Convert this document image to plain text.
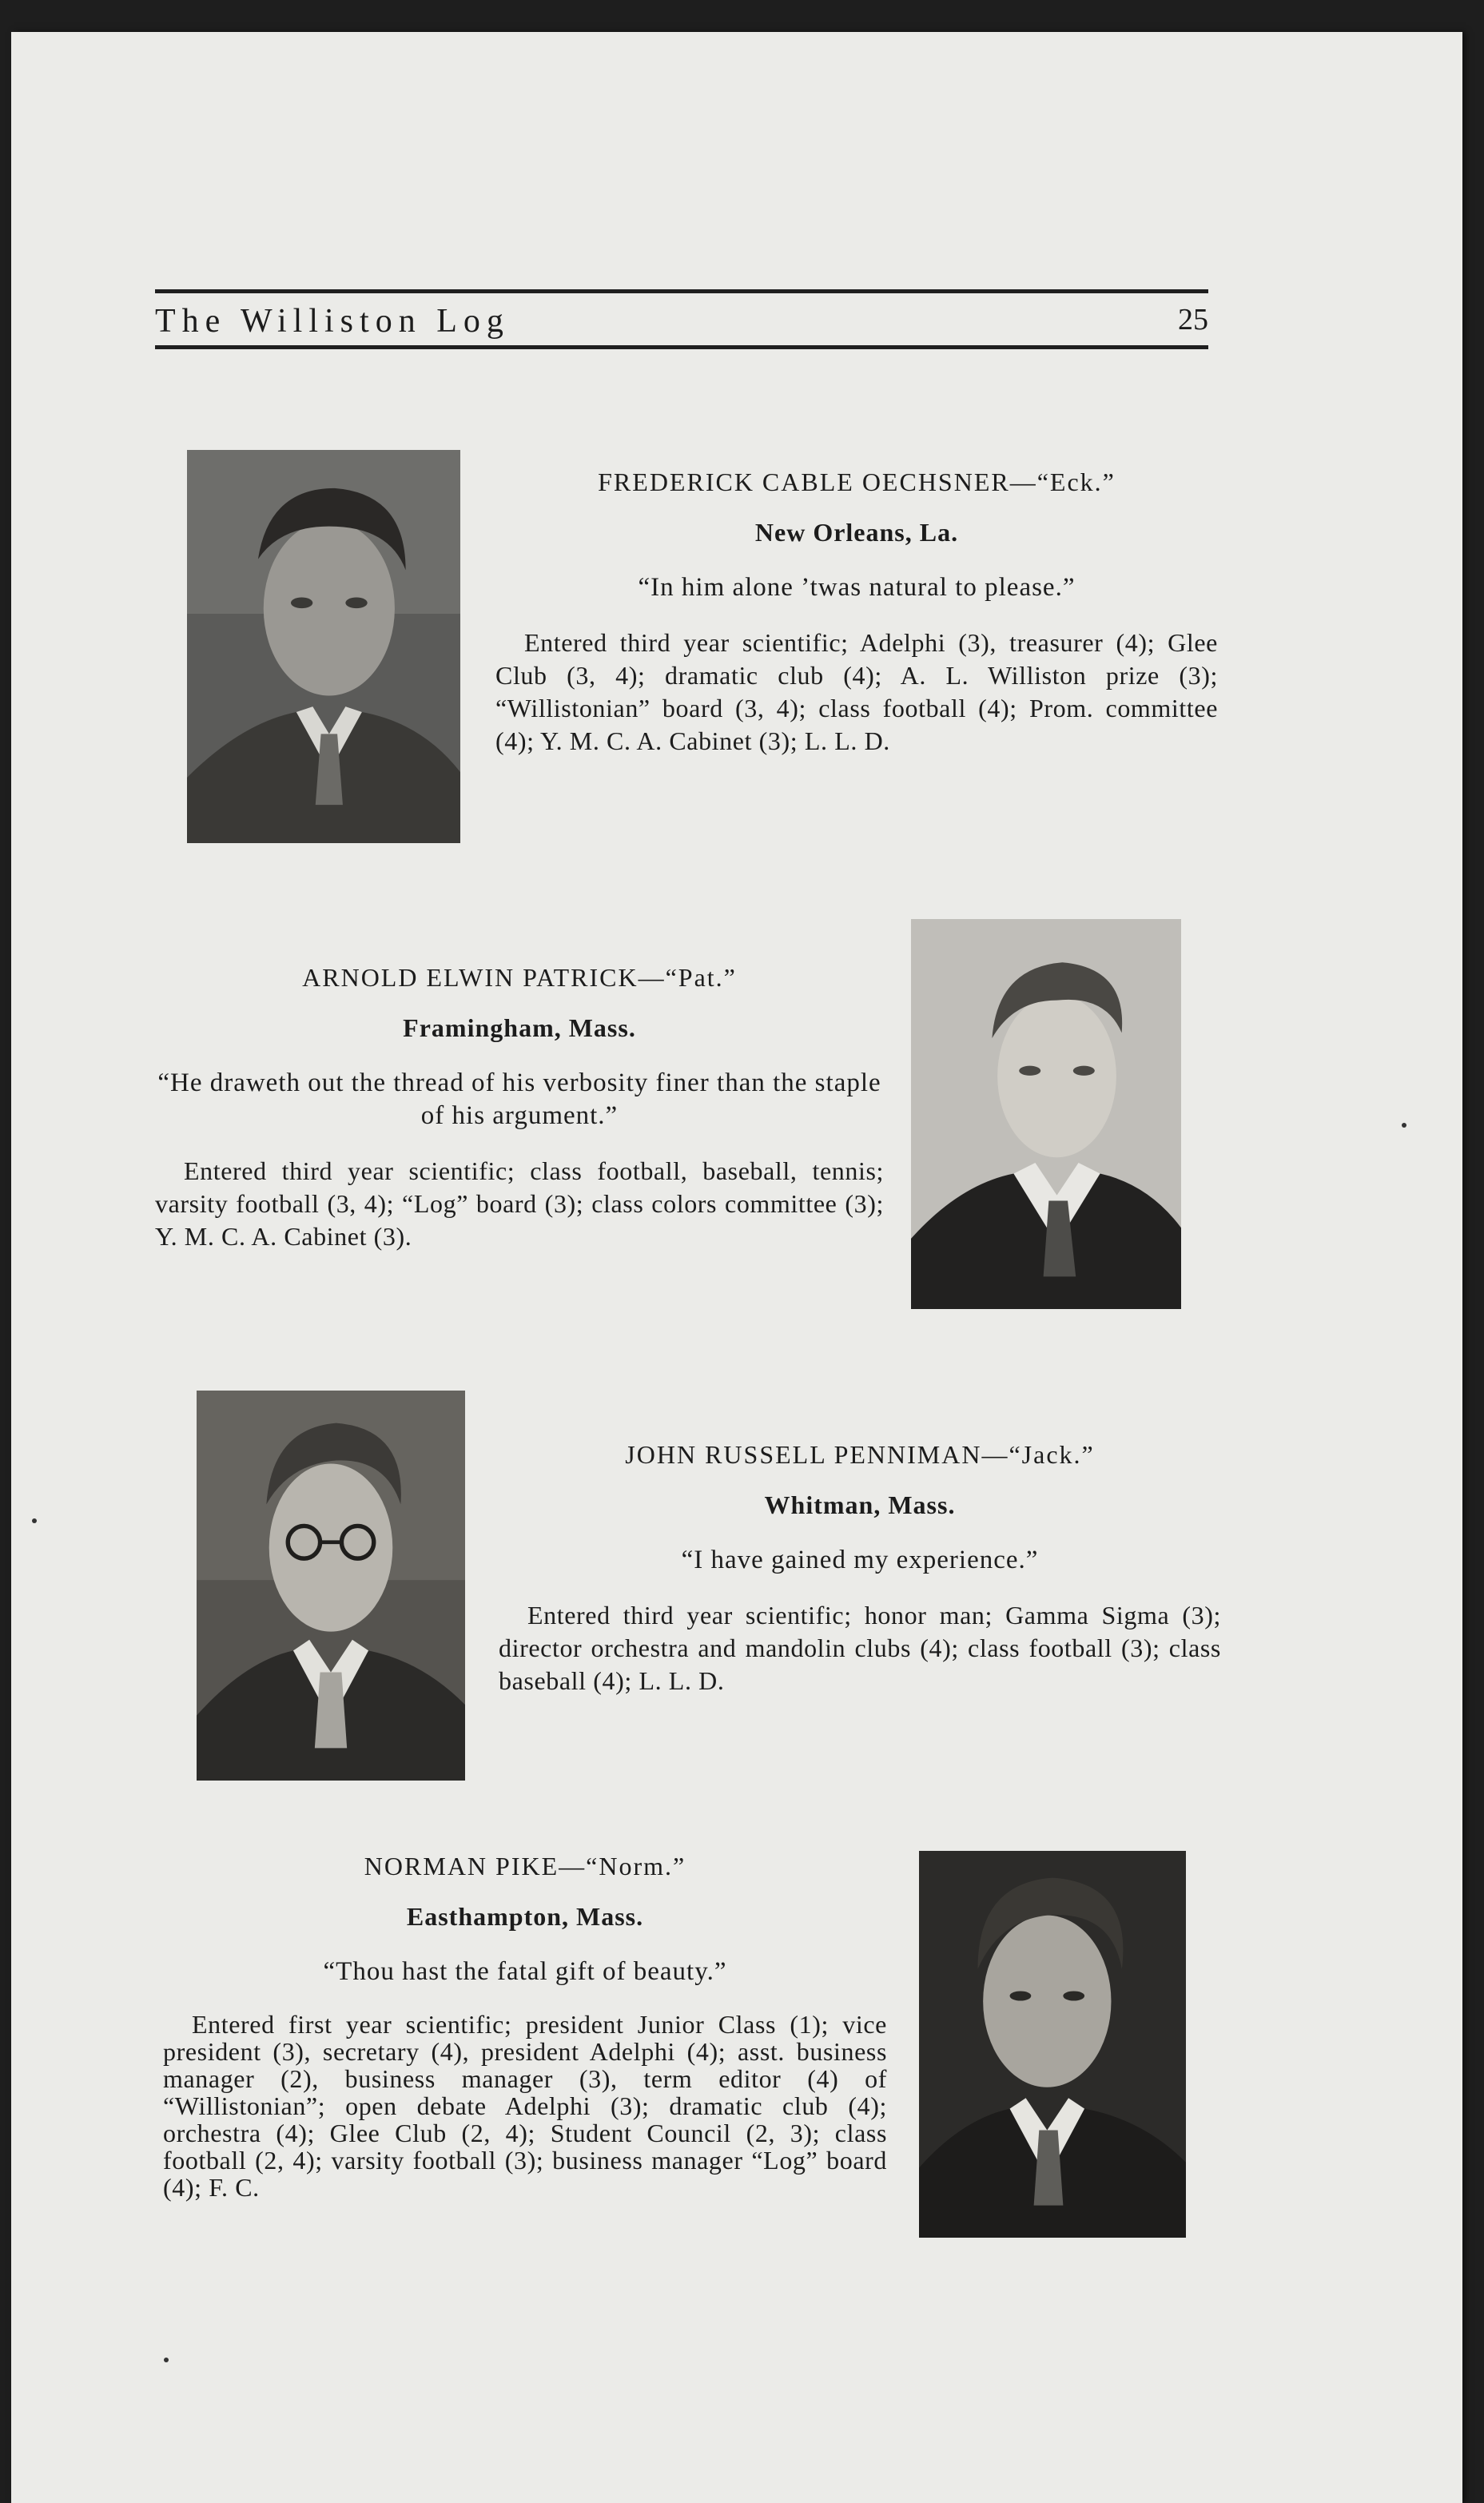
The Williston Log	25
FREDERICK CABLE OECHSNER—“Eck.”
New Orleans, La.
“In him alone ’twas natural to please.”
Entered third year scientific; Adelphi (3), treasurer (4); Glee Club (3, 4); dramatic club (4); A. L. Williston prize (3); “Willistonian” board (3, 4); class football (4); Prom. committee (4); Y. M. C. A. Cabinet (3); L. L. D.
ARNOLD ELWIN PATRICK—“Pat.”
Framingham, Mass.
“He draweth out the thread of his verbosity finer than the staple of his argument.”
Entered third year scientific; class football, baseball, tennis; varsity football (3, 4); “Log” board (3); class colors committee (3); Y. M. C. A. Cabinet (3).
JOHN RUSSELL PENNIMAN—“Jack.”
Whitman, Mass.
“I have gained my experience.”
Entered third year scientific; honor man; Gamma Sigma (3); director orchestra and mandolin clubs (4); class football (3); class baseball (4); L. L. D.
NORMAN PIKE—“Norm.”
Easthampton, Mass.
“Thou hast the fatal gift of beauty.”
Entered first year scientific; president Junior Class (1); vice president (3), secretary (4), president Adelphi (4); asst. business manager (2), business manager (3), term editor (4) of “Willistonian”; open debate Adelphi (3); dramatic club (4); orchestra (4); Glee Club (2, 4); Student Council (2, 3); class football (2, 4); varsity football (3); business manager “Log” board (4); F. C.
